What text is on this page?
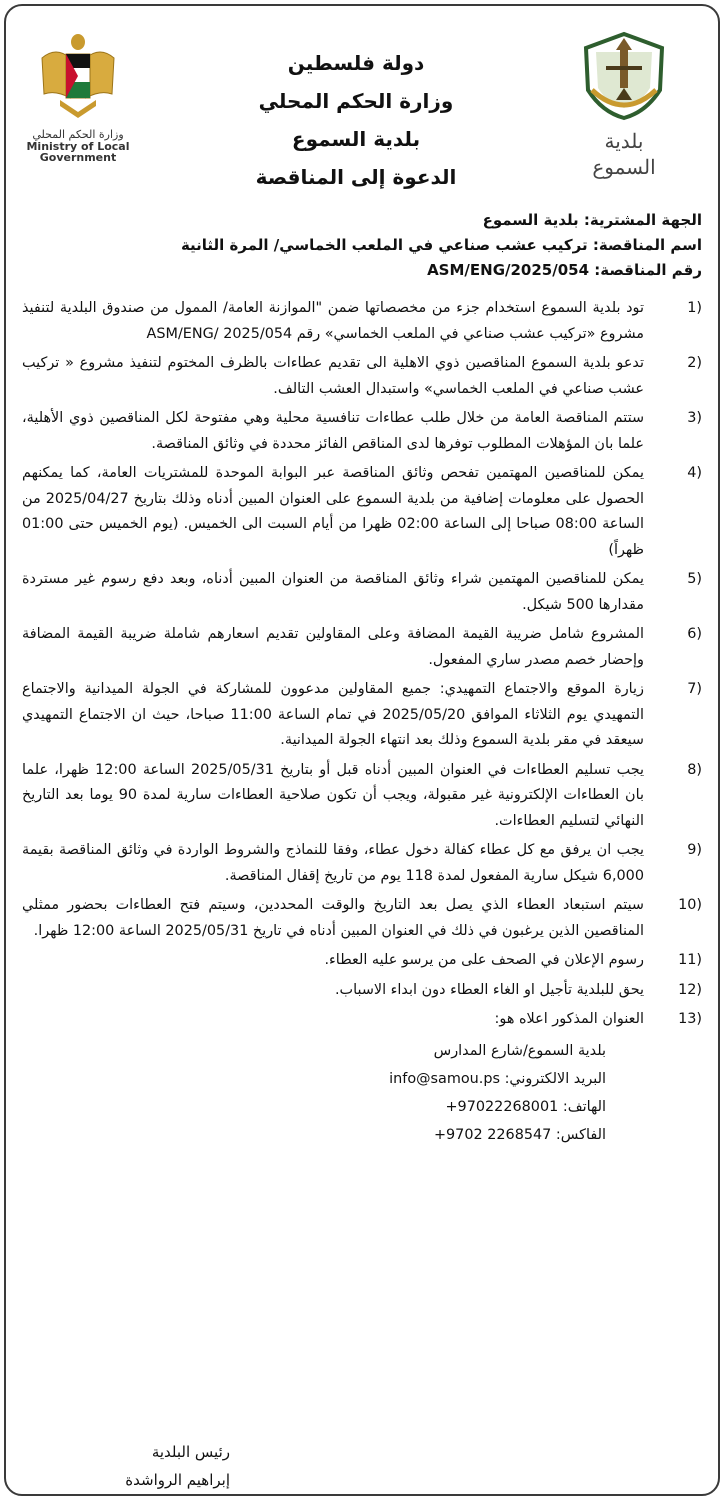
وزارة الحكم المحلي
Ministry of Local
Government
دولة فلسطين
وزارة الحكم المحلي
بلدية السموع
الدعوة إلى المناقصة
بلدية السموع
الجهة المشترية: بلدية السموع
اسم المناقصة: تركيب عشب صناعي في الملعب الخماسي/ المرة الثانية
رقم المناقصة: ASM/ENG/2025/054
1)
تود بلدية السموع استخدام جزء من مخصصاتها ضمن "الموازنة العامة/ الممول من صندوق البلدية لتنفيذ مشروع «تركيب عشب صناعي في الملعب الخماسي» رقم ASM/ENG/ 2025/054
2)
تدعو بلدية السموع المناقصين ذوي الاهلية الى تقديم عطاءات بالظرف المختوم لتنفيذ مشروع « تركيب عشب صناعي في الملعب الخماسي» واستبدال العشب التالف.
3)
ستتم المناقصة العامة من خلال طلب عطاءات تنافسية محلية وهي مفتوحة لكل المناقصين ذوي الأهلية، علما بان المؤهلات المطلوب توفرها لدى المناقص الفائز محددة في وثائق المناقصة.
4)
يمكن للمناقصين المهتمين تفحص وثائق المناقصة عبر البوابة الموحدة للمشتريات العامة، كما يمكنهم الحصول على معلومات إضافية من بلدية السموع على العنوان المبين أدناه وذلك بتاريخ 2025/04/27 من الساعة 08:00 صباحا إلى الساعة 02:00 ظهرا من أيام السبت الى الخميس. (يوم الخميس حتى 01:00 ظهراً)
5)
يمكن للمناقصين المهتمين شراء وثائق المناقصة من العنوان المبين أدناه، وبعد دفع رسوم غير مستردة مقدارها 500 شيكل.
6)
المشروع شامل ضريبة القيمة المضافة وعلى المقاولين تقديم اسعارهم شاملة ضريبة القيمة المضافة وإحضار خصم مصدر ساري المفعول.
7)
زيارة الموقع والاجتماع التمهيدي: جميع المقاولين مدعوون للمشاركة في الجولة الميدانية والاجتماع التمهيدي يوم الثلاثاء الموافق 2025/05/20 في تمام الساعة 11:00 صباحا، حيث ان الاجتماع التمهيدي سيعقد في مقر بلدية السموع وذلك بعد انتهاء الجولة الميدانية.
8)
يجب تسليم العطاءات في العنوان المبين أدناه قبل أو بتاريخ 2025/05/31 الساعة 12:00 ظهرا، علما بان العطاءات الإلكترونية غير مقبولة، ويجب أن تكون صلاحية العطاءات سارية لمدة 90 يوما بعد التاريخ النهائي لتسليم العطاءات.
9)
يجب ان يرفق مع كل عطاء كفالة دخول عطاء، وفقا للنماذج والشروط الواردة في وثائق المناقصة بقيمة 6,000 شيكل سارية المفعول لمدة 118 يوم من تاريخ إقفال المناقصة.
10)
سيتم استبعاد العطاء الذي يصل بعد التاريخ والوقت المحددين، وسيتم فتح العطاءات بحضور ممثلي المناقصين الذين يرغبون في ذلك في العنوان المبين أدناه في تاريخ 2025/05/31 الساعة 12:00 ظهرا.
11)
رسوم الإعلان في الصحف على من يرسو عليه العطاء.
12)
يحق للبلدية تأجيل او الغاء العطاء دون ابداء الاسباب.
13)
العنوان المذكور اعلاه هو:
بلدية السموع/شارع المدارس
البريد الالكتروني: info@samou.ps
الهاتف: +97022268001
الفاكس: +9702 2268547
رئيس البلدية
إبراهيم الرواشدة
